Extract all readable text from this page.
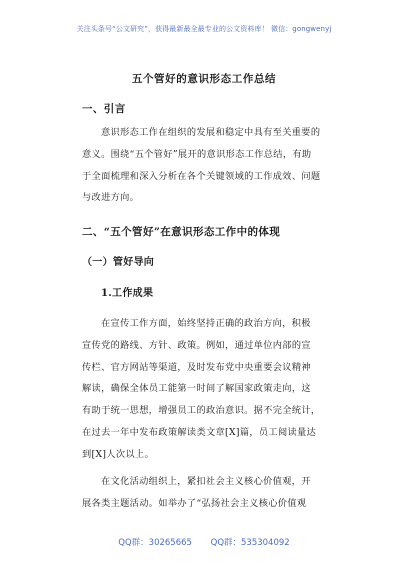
关注头条号“公文研究”，获得最新最全最专业的公文资料库！ 微信：gongwenyj
五个管好的意识形态工作总结
一、引言
意识形态工作在组织的发展和稳定中具有至关重要的
意义。围绕“五个管好”展开的意识形态工作总结，有助
于全面梳理和深入分析在各个关键领域的工作成效、问题
与改进方向。
二、“五个管好”在意识形态工作中的体现
（一）管好导向
1.工作成果
在宣传工作方面，始终坚持正确的政治方向，积极
宣传党的路线、方针、政策。例如，通过单位内部的宣
传栏、官方网站等渠道，及时发布党中央重要会议精神
解读，确保全体员工能第一时间了解国家政策走向，这
有助于统一思想，增强员工的政治意识。据不完全统计，
在过去一年中发布政策解读类文章[X]篇，员工阅读量达
到[X]人次以上。
在文化活动组织上，紧扣社会主义核心价值观，开
展各类主题活动。如举办了“弘扬社会主义核心价值观
QQ群：30265665 QQ群：535304092
